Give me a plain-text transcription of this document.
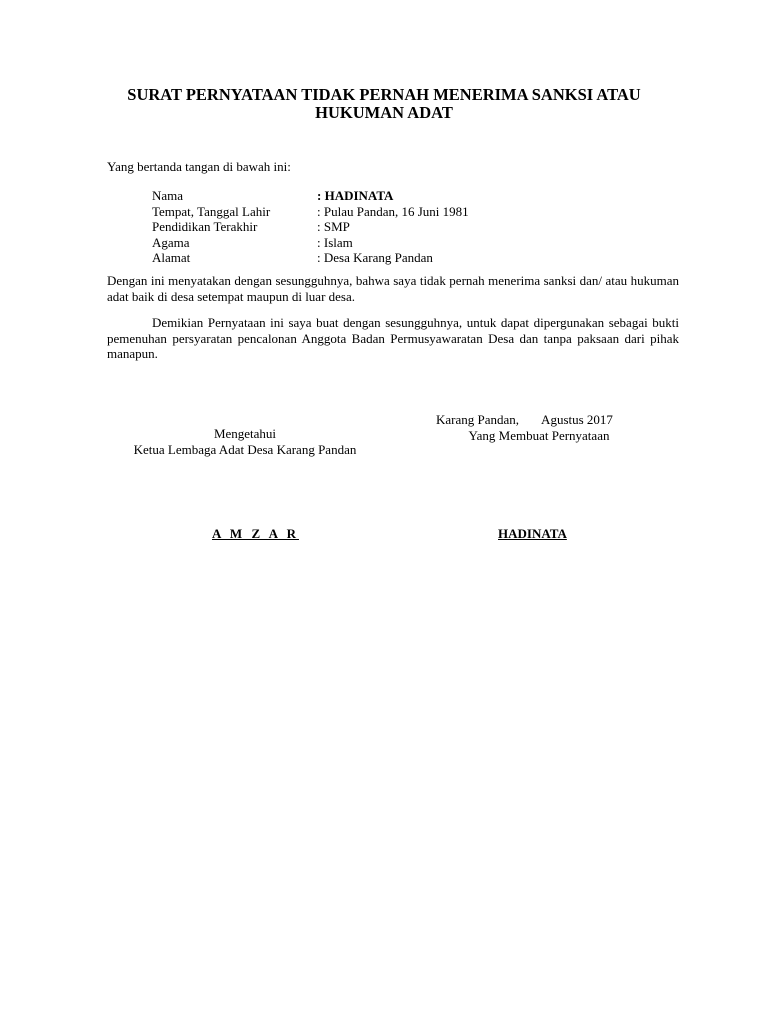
SURAT PERNYATAAN TIDAK PERNAH MENERIMA SANKSI ATAU
HUKUMAN ADAT
Yang bertanda tangan di bawah ini:
Nama	: HADINATA
Tempat, Tanggal Lahir	: Pulau Pandan, 16 Juni 1981
Pendidikan Terakhir	: SMP
Agama	: Islam
Alamat	: Desa Karang Pandan
Dengan ini menyatakan dengan sesungguhnya, bahwa saya tidak pernah menerima sanksi dan/ atau hukuman adat baik di desa setempat maupun di luar desa.
Demikian Pernyataan ini saya buat dengan sesungguhnya, untuk dapat dipergunakan sebagai bukti pemenuhan persyaratan pencalonan Anggota Badan Permusyawaratan Desa dan tanpa paksaan dari pihak manapun.
Karang Pandan,       Agustus 2017
Yang Membuat Pernyataan
Mengetahui
Ketua Lembaga Adat Desa Karang Pandan
A M Z A R	HADINATA
